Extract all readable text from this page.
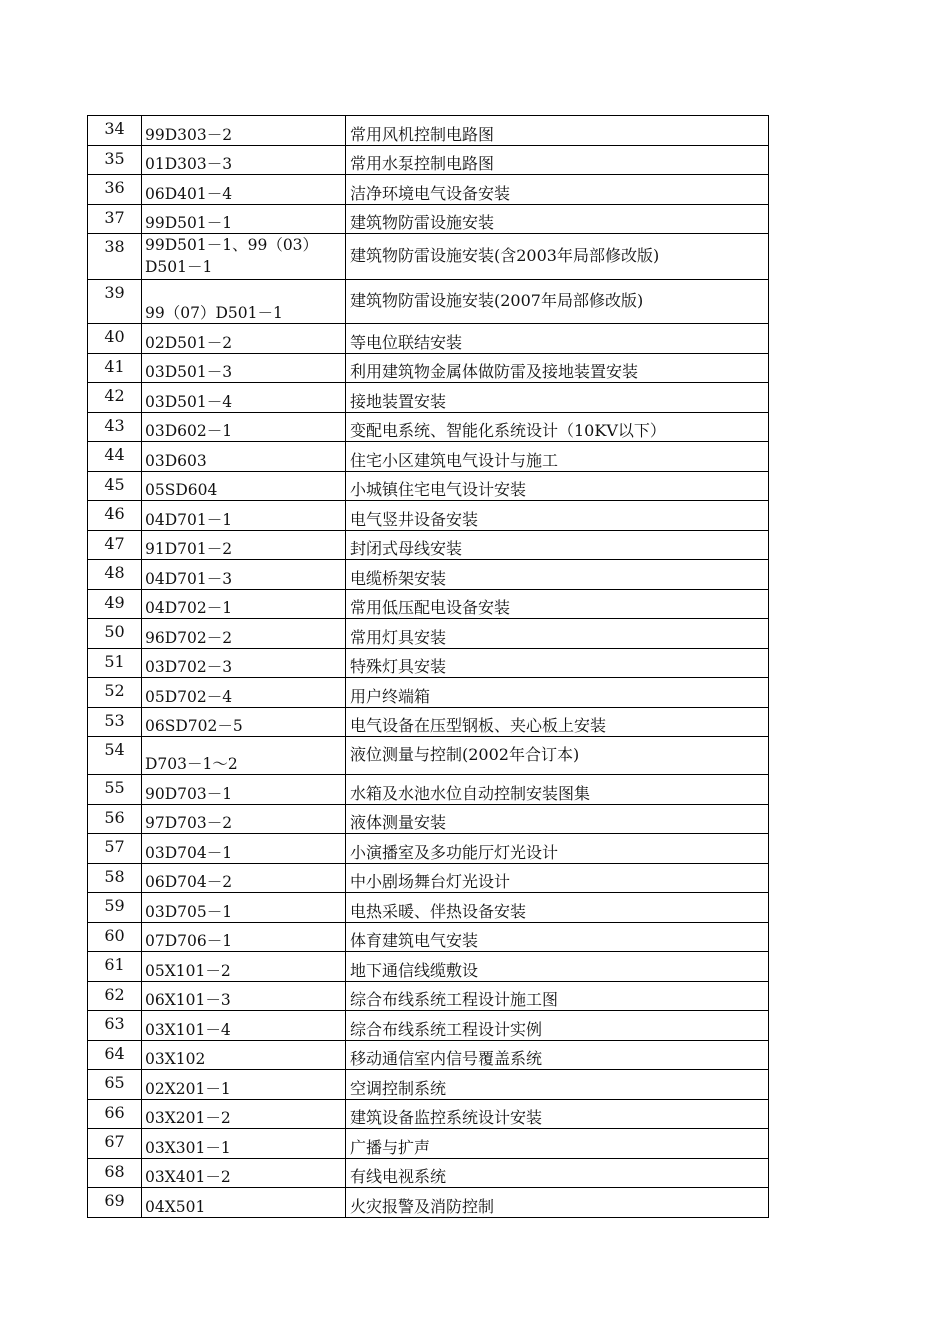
34	99D303－2	常用风机控制电路图
35	01D303－3	常用水泵控制电路图
36	06D401－4	洁净环境电气设备安装
37	99D501－1	建筑物防雷设施安装
38	99D501－1、99（03）D501－1	建筑物防雷设施安装(含2003年局部修改版)
39	99（07）D501－1	建筑物防雷设施安装(2007年局部修改版)
40	02D501－2	等电位联结安装
41	03D501－3	利用建筑物金属体做防雷及接地装置安装
42	03D501－4	接地装置安装
43	03D602－1	变配电系统、智能化系统设计（10KV以下）
44	03D603	住宅小区建筑电气设计与施工
45	05SD604	小城镇住宅电气设计安装
46	04D701－1	电气竖井设备安装
47	91D701－2	封闭式母线安装
48	04D701－3	电缆桥架安装
49	04D702－1	常用低压配电设备安装
50	96D702－2	常用灯具安装
51	03D702－3	特殊灯具安装
52	05D702－4	用户终端箱
53	06SD702－5	电气设备在压型钢板、夹心板上安装
54	D703－1～2	液位测量与控制(2002年合订本)
55	90D703－1	水箱及水池水位自动控制安装图集
56	97D703－2	液体测量安装
57	03D704－1	小演播室及多功能厅灯光设计
58	06D704－2	中小剧场舞台灯光设计
59	03D705－1	电热采暖、伴热设备安装
60	07D706－1	体育建筑电气安装
61	05X101－2	地下通信线缆敷设
62	06X101－3	综合布线系统工程设计施工图
63	03X101－4	综合布线系统工程设计实例
64	03X102	移动通信室内信号覆盖系统
65	02X201－1	空调控制系统
66	03X201－2	建筑设备监控系统设计安装
67	03X301－1	广播与扩声
68	03X401－2	有线电视系统
69	04X501	火灾报警及消防控制
